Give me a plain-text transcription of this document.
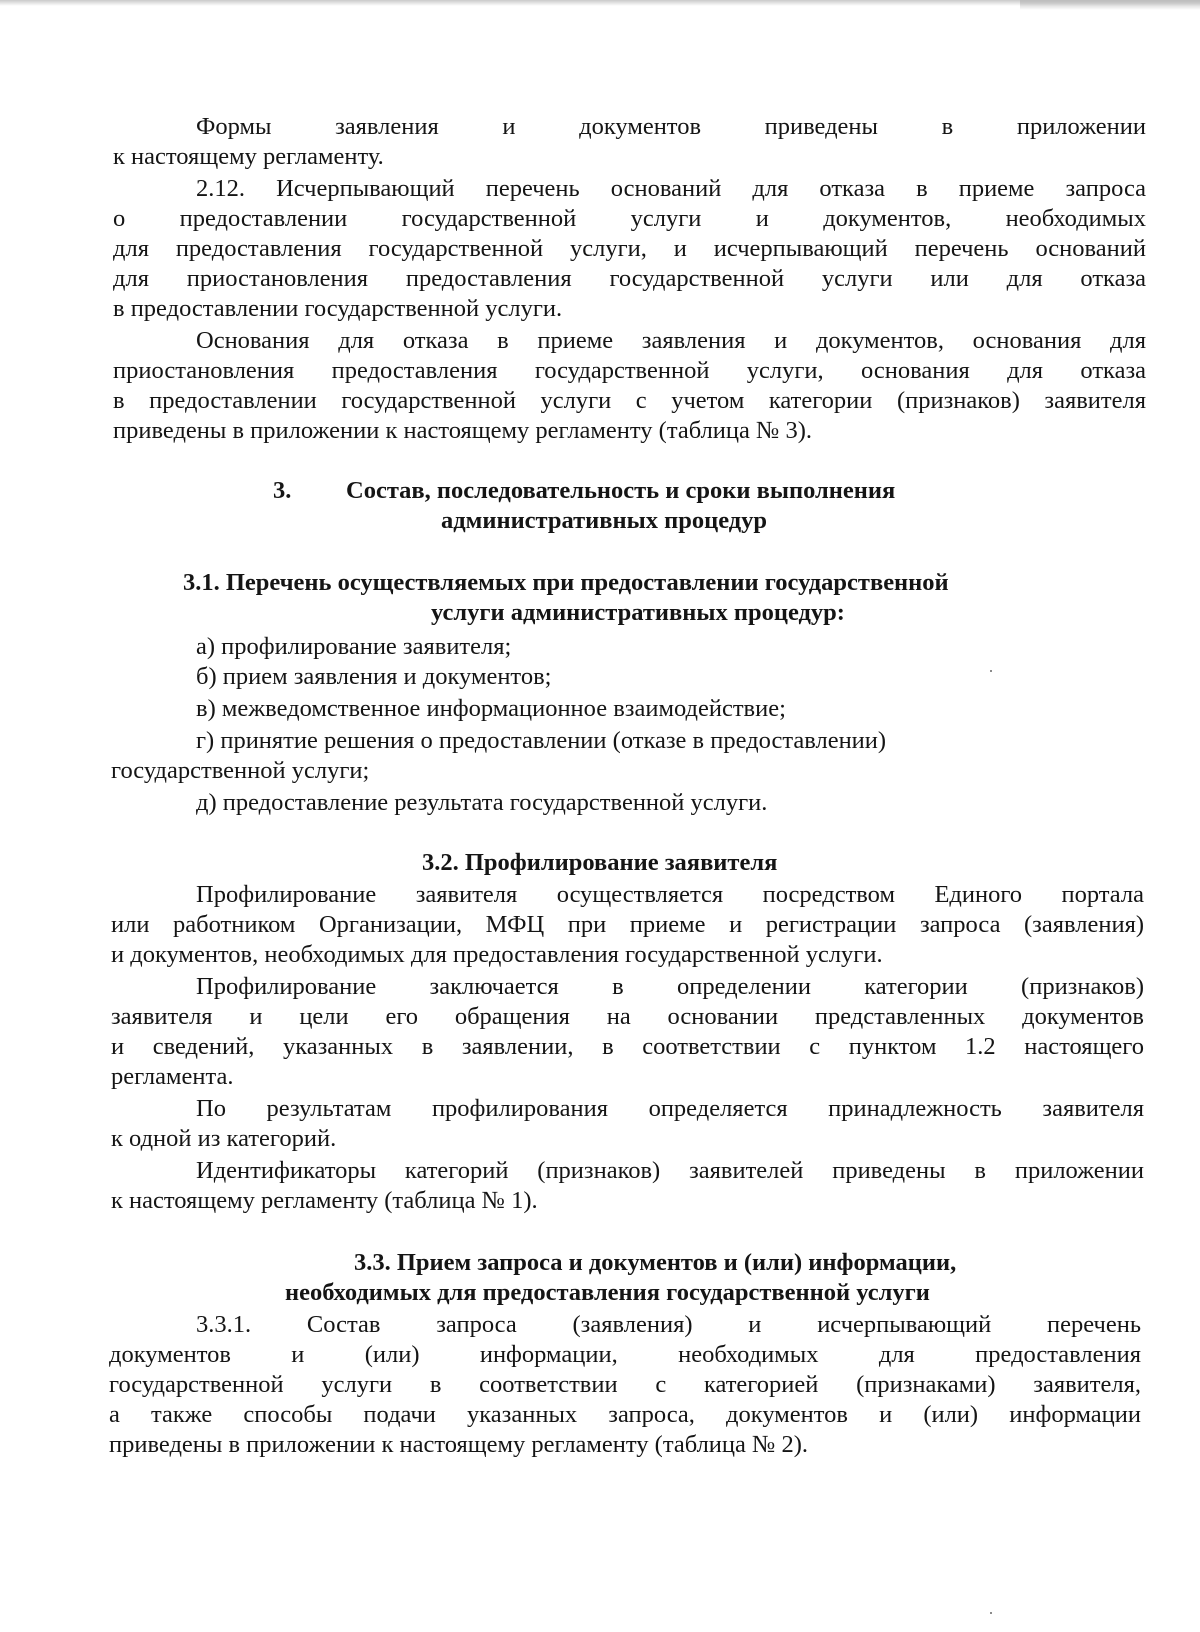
Формы заявления и документов приведены в приложении
к настоящему регламенту.
2.12. Исчерпывающий перечень оснований для отказа в приеме запроса
о предоставлении государственной услуги и документов, необходимых
для предоставления государственной услуги, и исчерпывающий перечень оснований
для приостановления предоставления государственной услуги или для отказа
в предоставлении государственной услуги.
Основания для отказа в приеме заявления и документов, основания для
приостановления предоставления государственной услуги, основания для отказа
в предоставлении государственной услуги с учетом категории (признаков) заявителя
приведены в приложении к настоящему регламенту (таблица № 3).
3. Состав, последовательность и сроки выполнения
административных процедур
3.1. Перечень осуществляемых при предоставлении государственной
услуги административных процедур:
а) профилирование заявителя;
б) прием заявления и документов;
в) межведомственное информационное взаимодействие;
г) принятие решения о предоставлении (отказе в предоставлении)
государственной услуги;
д) предоставление результата государственной услуги.
3.2. Профилирование заявителя
Профилирование заявителя осуществляется посредством Единого портала
или работником Организации, МФЦ при приеме и регистрации запроса (заявления)
и документов, необходимых для предоставления государственной услуги.
Профилирование заключается в определении категории (признаков)
заявителя и цели его обращения на основании представленных документов
и сведений, указанных в заявлении, в соответствии с пунктом 1.2 настоящего
регламента.
По результатам профилирования определяется принадлежность заявителя
к одной из категорий.
Идентификаторы категорий (признаков) заявителей приведены в приложении
к настоящему регламенту (таблица № 1).
3.3. Прием запроса и документов и (или) информации,
необходимых для предоставления государственной услуги
3.3.1. Состав запроса (заявления) и исчерпывающий перечень
документов и (или) информации, необходимых для предоставления
государственной услуги в соответствии с категорией (признаками) заявителя,
а также способы подачи указанных запроса, документов и (или) информации
приведены в приложении к настоящему регламенту (таблица № 2).
